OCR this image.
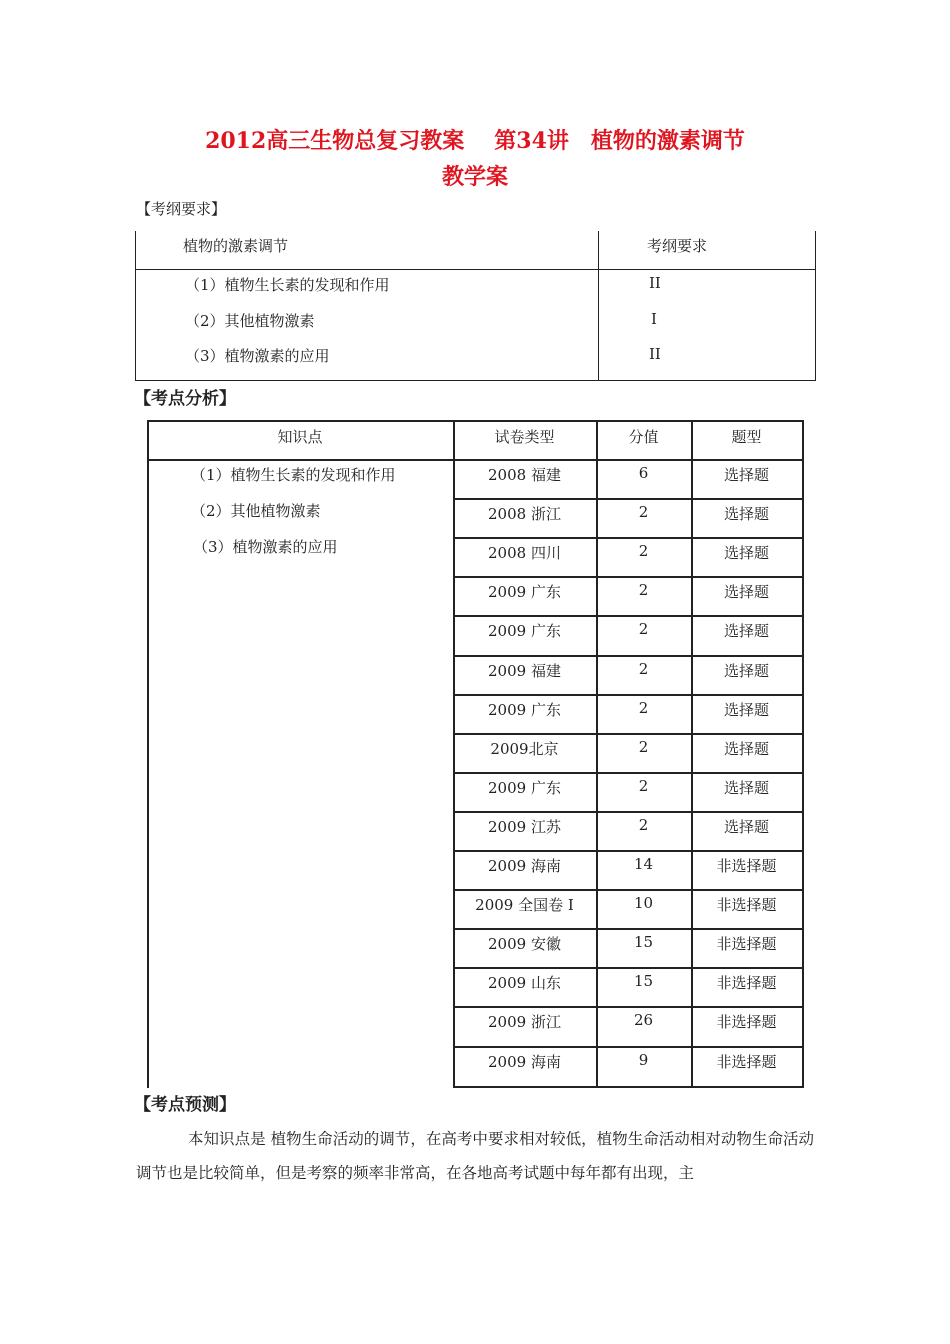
2012高三生物总复习教案 第34讲　植物的激素调节
教学案
【考纲要求】
植物的激素调节	考纲要求
（1）植物生长素的发现和作用	II
（2）其他植物激素	I
（3）植物激素的应用	II
【考点分析】
知识点	试卷类型	分值	题型
（1）植物生长素的发现和作用
（2）其他植物激素
（3）植物激素的应用
2008 福建	6	选择题
2008 浙江	2	选择题
2008 四川	2	选择题
2009 广东	2	选择题
2009 广东	2	选择题
2009 福建	2	选择题
2009 广东	2	选择题
2009北京	2	选择题
2009 广东	2	选择题
2009 江苏	2	选择题
2009 海南	14	非选择题
2009 全国卷 I	10	非选择题
2009 安徽	15	非选择题
2009 山东	15	非选择题
2009 浙江	26	非选择题
2009 海南	9	非选择题
【考点预测】
本知识点是 植物生命活动的调节，在高考中要求相对较低，植物生命活动相对动物生命活动调节也是比较简单，但是考察的频率非常高，在各地高考试题中每年都有出现，主
